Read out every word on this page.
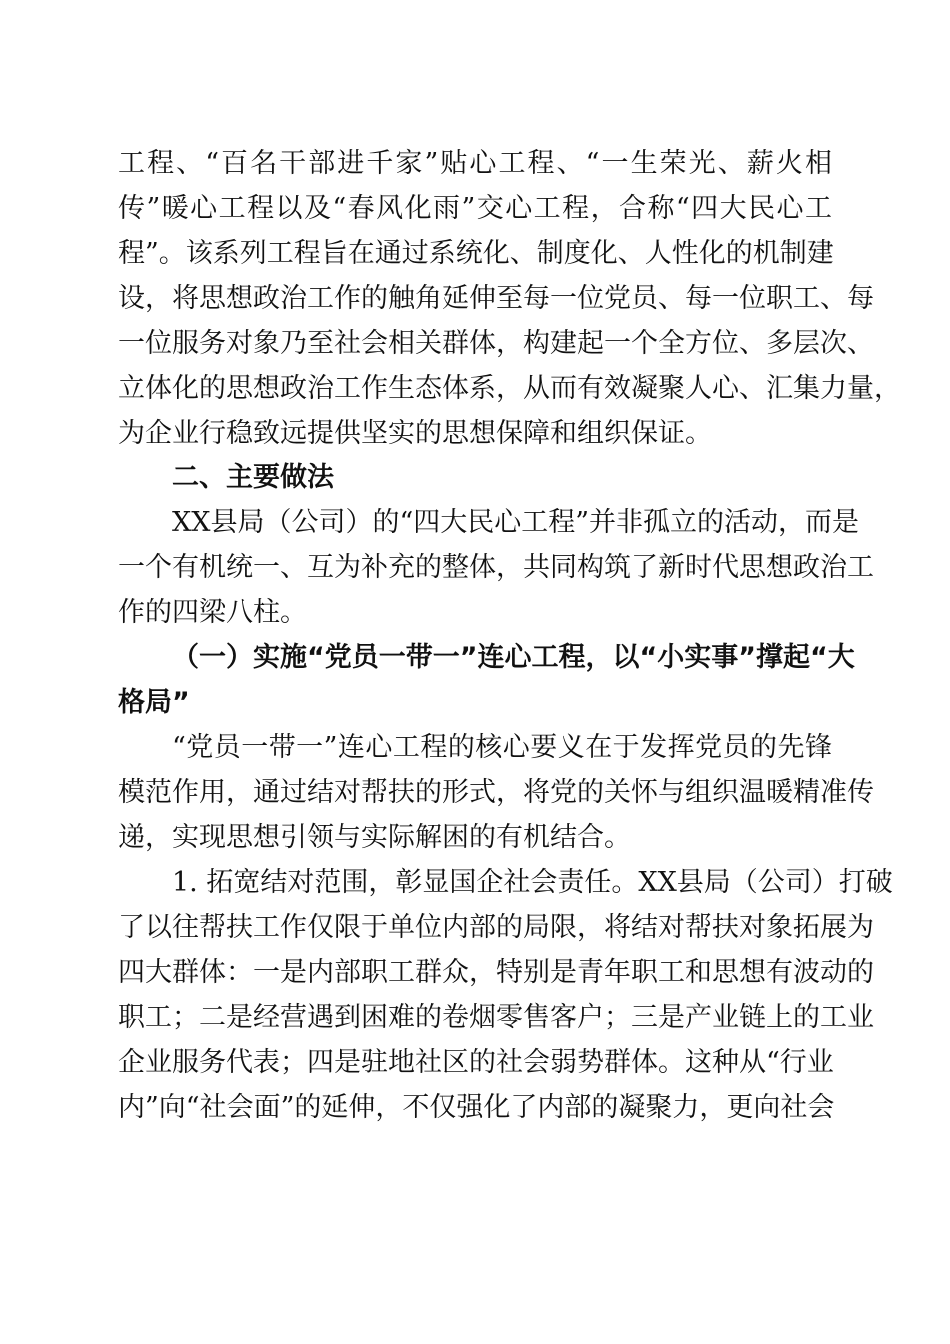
工程、“百名干部进千家”贴心工程、“一生荣光、薪火相
传”暖心工程以及“春风化雨”交心工程，合称“四大民心工
程”。该系列工程旨在通过系统化、制度化、人性化的机制建
设，将思想政治工作的触角延伸至每一位党员、每一位职工、每
一位服务对象乃至社会相关群体，构建起一个全方位、多层次、
立体化的思想政治工作生态体系，从而有效凝聚人心、汇集力量，
为企业行稳致远提供坚实的思想保障和组织保证。
二、主要做法
XX县局（公司）的“四大民心工程”并非孤立的活动，而是
一个有机统一、互为补充的整体，共同构筑了新时代思想政治工
作的四梁八柱。
（一）实施“党员一带一”连心工程，以“小实事”撑起“大
格局”
“党员一带一”连心工程的核心要义在于发挥党员的先锋
模范作用，通过结对帮扶的形式，将党的关怀与组织温暖精准传
递，实现思想引领与实际解困的有机结合。
1. 拓宽结对范围，彰显国企社会责任。XX县局（公司）打破
了以往帮扶工作仅限于单位内部的局限，将结对帮扶对象拓展为
四大群体：一是内部职工群众，特别是青年职工和思想有波动的
职工；二是经营遇到困难的卷烟零售客户；三是产业链上的工业
企业服务代表；四是驻地社区的社会弱势群体。这种从“行业
内”向“社会面”的延伸，不仅强化了内部的凝聚力，更向社会
